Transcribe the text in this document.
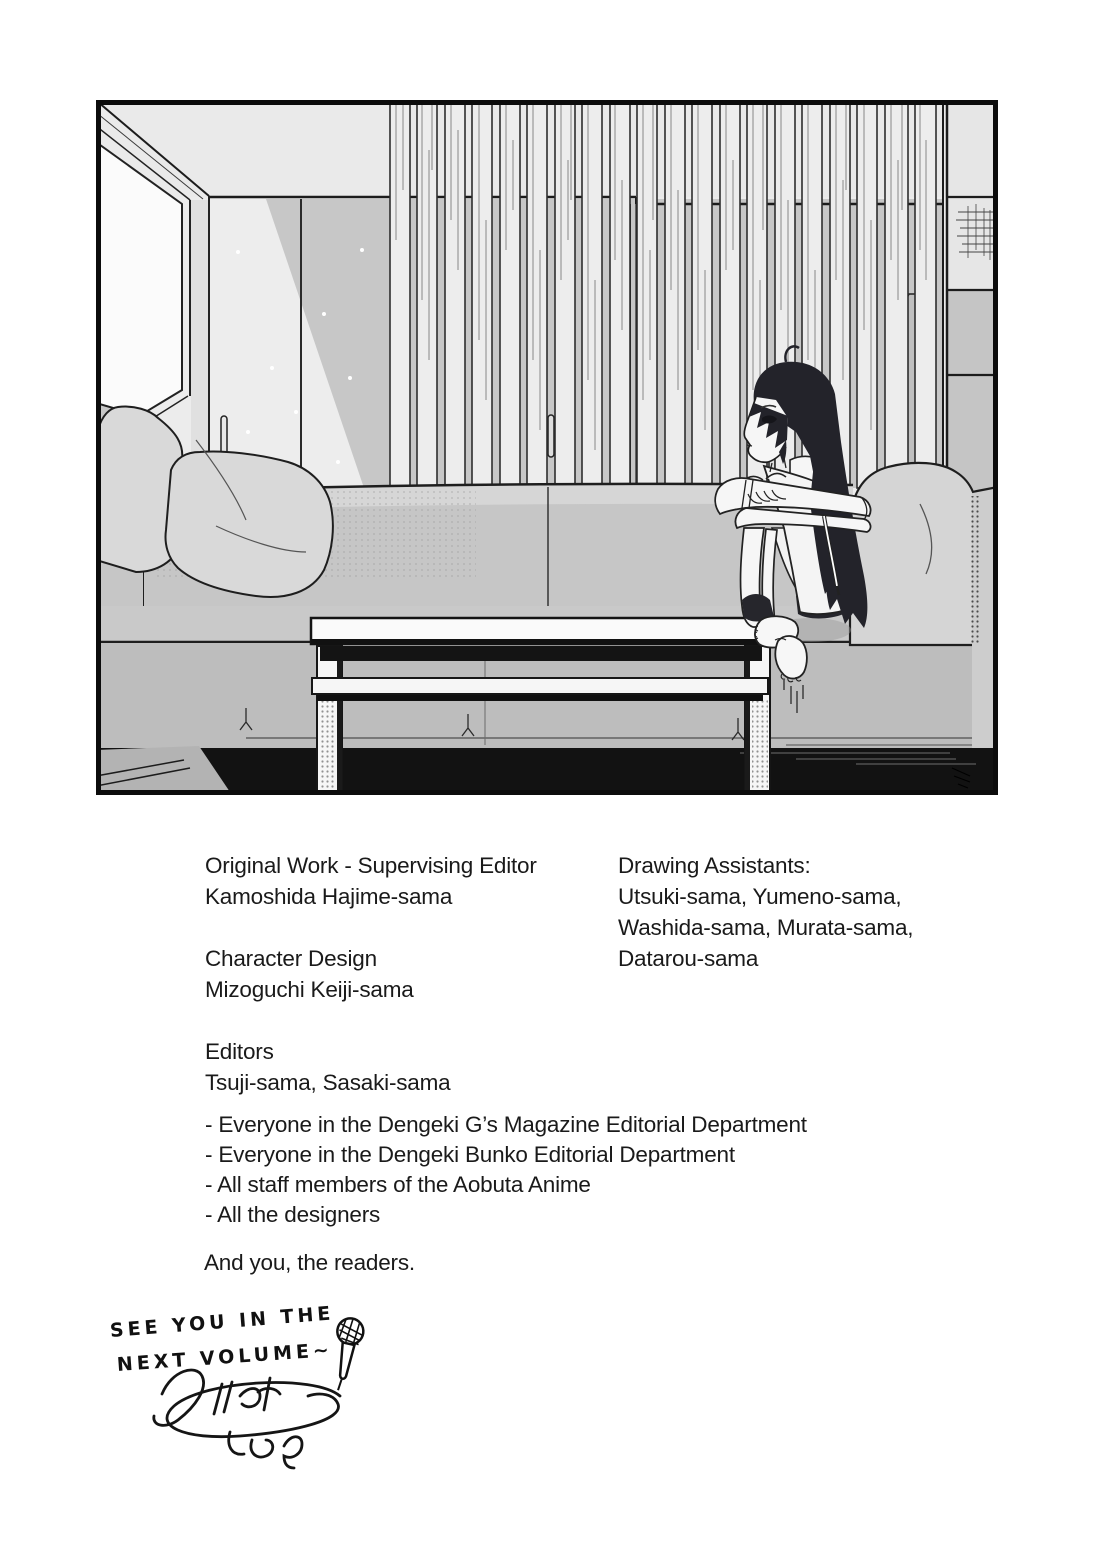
Original Work - Supervising Editor
Kamoshida Hajime-sama
Character Design
Mizoguchi Keiji-sama
Editors
Tsuji-sama, Sasaki-sama
Drawing Assistants:
Utsuki-sama, Yumeno-sama,
Washida-sama, Murata-sama,
Datarou-sama
- Everyone in the Dengeki G’s Magazine Editorial Department
- Everyone in the Dengeki Bunko Editorial Department
- All staff members of the Aobuta Anime
- All the designers
And you, the readers.
SEE YOU IN THE
NEXT VOLUME~
